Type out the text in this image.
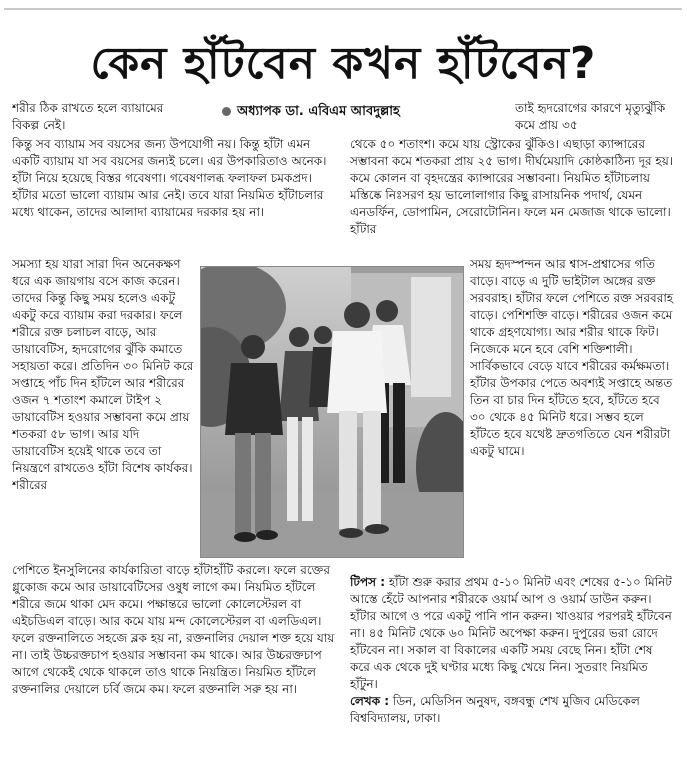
কেন হাঁটবেন কখন হাঁটবেন?
অধ্যাপক ডা. এবিএম আবদুল্লাহ

শরীর ঠিক রাখতে হলে ব্যায়ামের বিকল্প নেই।

তাই হৃদরোগের কারণে মৃত্যুঝুঁকি কমে প্রায় ৩৫

কিন্তু সব ব্যায়াম সব বয়সের জন্য উপযোগী নয়। কিন্তু হাঁটা এমন একটি ব্যায়াম যা সব বয়সের জন্যই চলে। এর উপকারিতাও অনেক। হাঁটা নিয়ে হয়েছে বিস্তর গবেষণা। গবেষণালব্ধ ফলাফল চমকপ্রদ। হাঁটার মতো ভালো ব্যায়াম আর নেই। তবে যারা নিয়মিত হাঁটাচলার মধ্যে থাকেন, তাদের আলাদা ব্যায়ামের দরকার হয় না।

সমস্যা হয় যারা সারা দিন অনেকক্ষণ ধরে এক জায়গায় বসে কাজ করেন। তাদের কিন্তু কিছু সময় হলেও একটু একটু করে ব্যায়াম করা দরকার। ফলে শরীরে রক্ত চলাচল বাড়ে, আর ডায়াবেটিস, হৃদরোগের ঝুঁকি কমাতে সহায়তা করে। প্রতিদিন ৩০ মিনিট করে সপ্তাহে পাঁচ দিন হাঁটলে আর শরীরের ওজন ৭ শতাংশ কমালে টাইপ ২ ডায়াবেটিস হওয়ার সম্ভাবনা কমে প্রায় শতকরা ৫৮ ভাগ। আর যদি ডায়াবেটিস হয়েই থাকে তবে তা নিয়ন্ত্রণে রাখতেও হাঁটা বিশেষ কার্যকর। শরীরের

পেশিতে ইনসুলিনের কার্যকারিতা বাড়ে হাঁটাহাঁটি করলে। ফলে রক্তের গ্লুকোজ কমে আর ডায়াবেটিসের ওষুধ লাগে কম। নিয়মিত হাঁটলে শরীরে জমে থাকা মেদ কমে। পক্ষান্তরে ভালো কোলেস্টেরল বা এইচডিএল বাড়ে। আর কমে যায় মন্দ কোলেস্টেরল বা এলডিএল। ফলে রক্তনালিতে সহজে ব্লক হয় না, রক্তনালির দেয়াল শক্ত হয়ে যায় না। তাই উচ্চরক্তচাপ হওয়ার সম্ভাবনা কম থাকে। আর উচ্চরক্তচাপ আগে থেকেই থেকে থাকলে তাও থাকে নিয়ন্ত্রিত। নিয়মিত হাঁটলে রক্তনালির দেয়ালে চর্বি জমে কম। ফলে রক্তনালি সরু হয় না।

থেকে ৫০ শতাংশ। কমে যায় স্ট্রোকের ঝুঁকিও। এছাড়া ক্যান্সারের সম্ভাবনা কমে শতকরা প্রায় ২৫ ভাগ। দীর্ঘমেয়াদি কোষ্ঠকাঠিন্য দূর হয়। কমে কোলন বা বৃহদন্ত্রের ক্যান্সারের সম্ভাবনা। নিয়মিত হাঁটাচলায় মস্তিষ্কে নিঃসরণ হয় ভালোলাগার কিছু রাসায়নিক পদার্থ, যেমন এনডর্ফিন, ডোপামিন, সেরোটোনিন। ফলে মন মেজাজ থাকে ভালো। হাঁটার

সময় হৃদস্পন্দন আর শ্বাস-প্রশ্বাসের গতি বাড়ে। বাড়ে এ দুটি ভাইটাল অঙ্গের রক্ত সরবরাহ। হাঁটার ফলে পেশিতে রক্ত সরবরাহ বাড়ে। পেশিশক্তি বাড়ে। শরীরের ওজন কমে থাকে গ্রহণযোগ্য। আর শরীর থাকে ফিট। নিজেকে মনে হবে বেশি শক্তিশালী। সার্বিকভাবে বেড়ে যাবে শরীরের কর্মক্ষমতা। হাঁটার উপকার পেতে অবশ্যই সপ্তাহে অন্তত তিন বা চার দিন হাঁটতে হবে, হাঁটতে হবে ৩০ থেকে ৪৫ মিনিট ধরে। সম্ভব হলে হাঁটতে হবে যথেষ্ট দ্রুতগতিতে যেন শরীরটা একটু ঘামে।

টিপস : হাঁটা শুরু করার প্রথম ৫-১০ মিনিট এবং শেষের ৫-১০ মিনিট আস্তে হেঁটে আপনার শরীরকে ওয়ার্ম আপ ও ওয়ার্ম ডাউন করুন। হাঁটার আগে ও পরে একটু পানি পান করুন। খাওয়ার পরপরই হাঁটবেন না। ৪৫ মিনিট থেকে ৬০ মিনিট অপেক্ষা করুন। দুপুরের ভরা রোদে হাঁটবেন না। সকাল বা বিকালের একটি সময় বেছে নিন। হাঁটা শেষ করে এক থেকে দুই ঘণ্টার মধ্যে কিছু খেয়ে নিন। সুতরাং নিয়মিত হাঁটুন।

লেখক : ডিন, মেডিসিন অনুষদ, বঙ্গবন্ধু শেখ মুজিব মেডিকেল বিশ্ববিদ্যালয়, ঢাকা।
